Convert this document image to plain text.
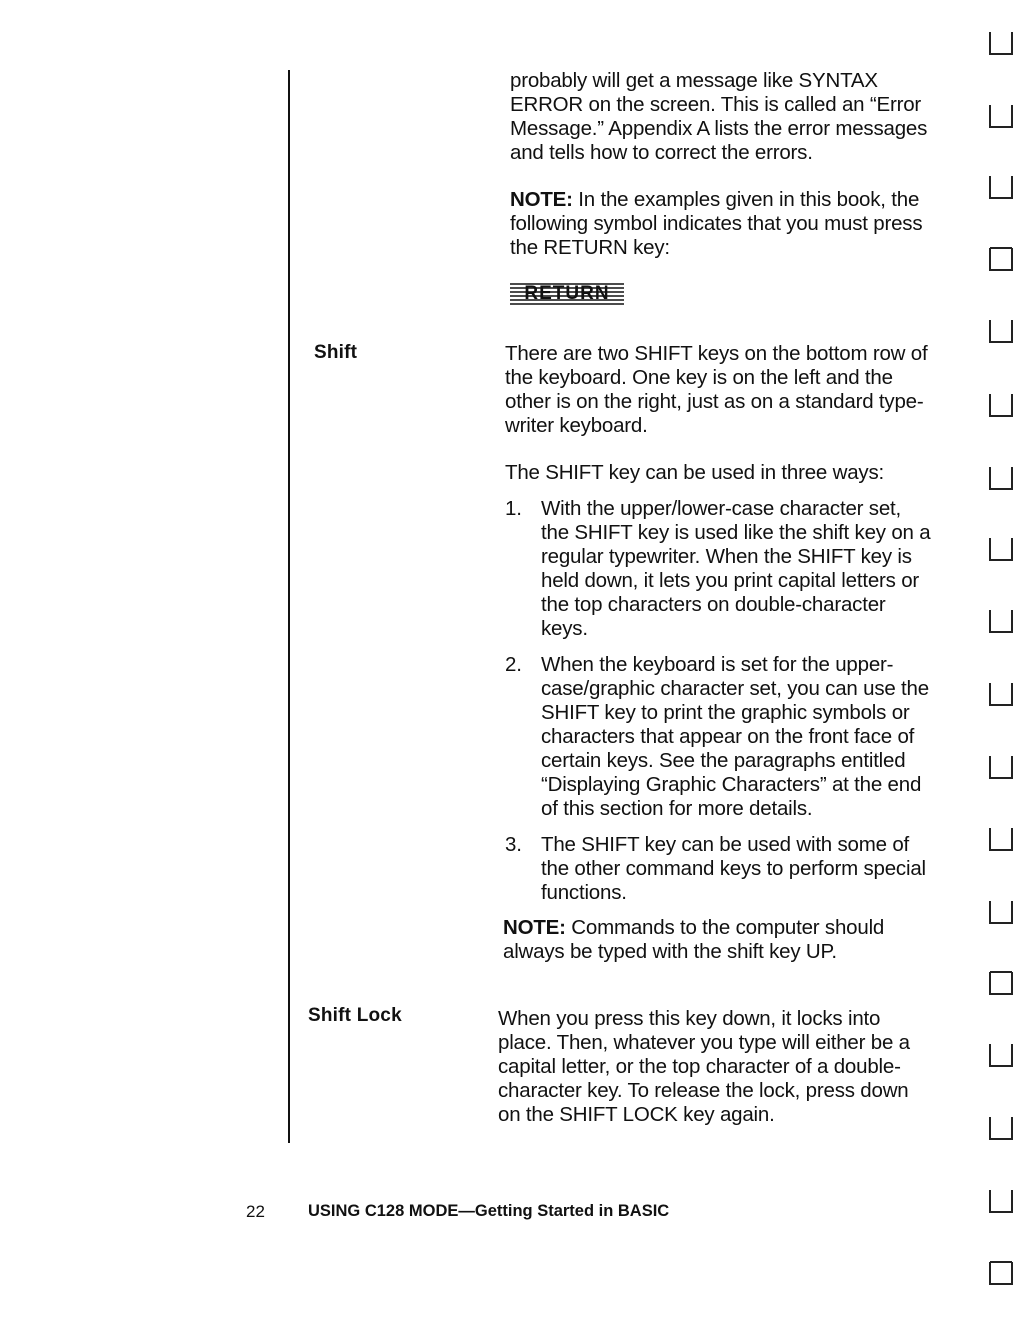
probably will get a message like SYNTAX

ERROR on the screen. This is called an “Error

Message.” Appendix A lists the error messages

and tells how to correct the errors.

NOTE: In the examples given in this book, the

following symbol indicates that you must press

the RETURN key:

RETURN
Shift	There are two SHIFT keys on the bottom row of

the keyboard. One key is on the left and the

other is on the right, just as on a standard type-

writer keyboard.

The SHIFT key can be used in three ways:
1. With the upper/lower-case character set,

the SHIFT key is used like the shift key on a

regular typewriter. When the SHIFT key is

held down, it lets you print capital letters or

the top characters on double-character

keys.

2. When the keyboard is set for the upper-

case/graphic character set, you can use the

SHIFT key to print the graphic symbols or

characters that appear on the front face of

certain keys. See the paragraphs entitled

“Displaying Graphic Characters” at the end

of this section for more details.

3. The SHIFT key can be used with some of

the other command keys to perform special

functions.

NOTE: Commands to the computer should

always be typed with the shift key UP.

Shift Lock	When you press this key down, it locks into

place. Then, whatever you type will either be a

capital letter, or the top character of a double-

character key. To release the lock, press down

on the SHIFT LOCK key again.

22	USING C128 MODE—Getting Started in BASIC
